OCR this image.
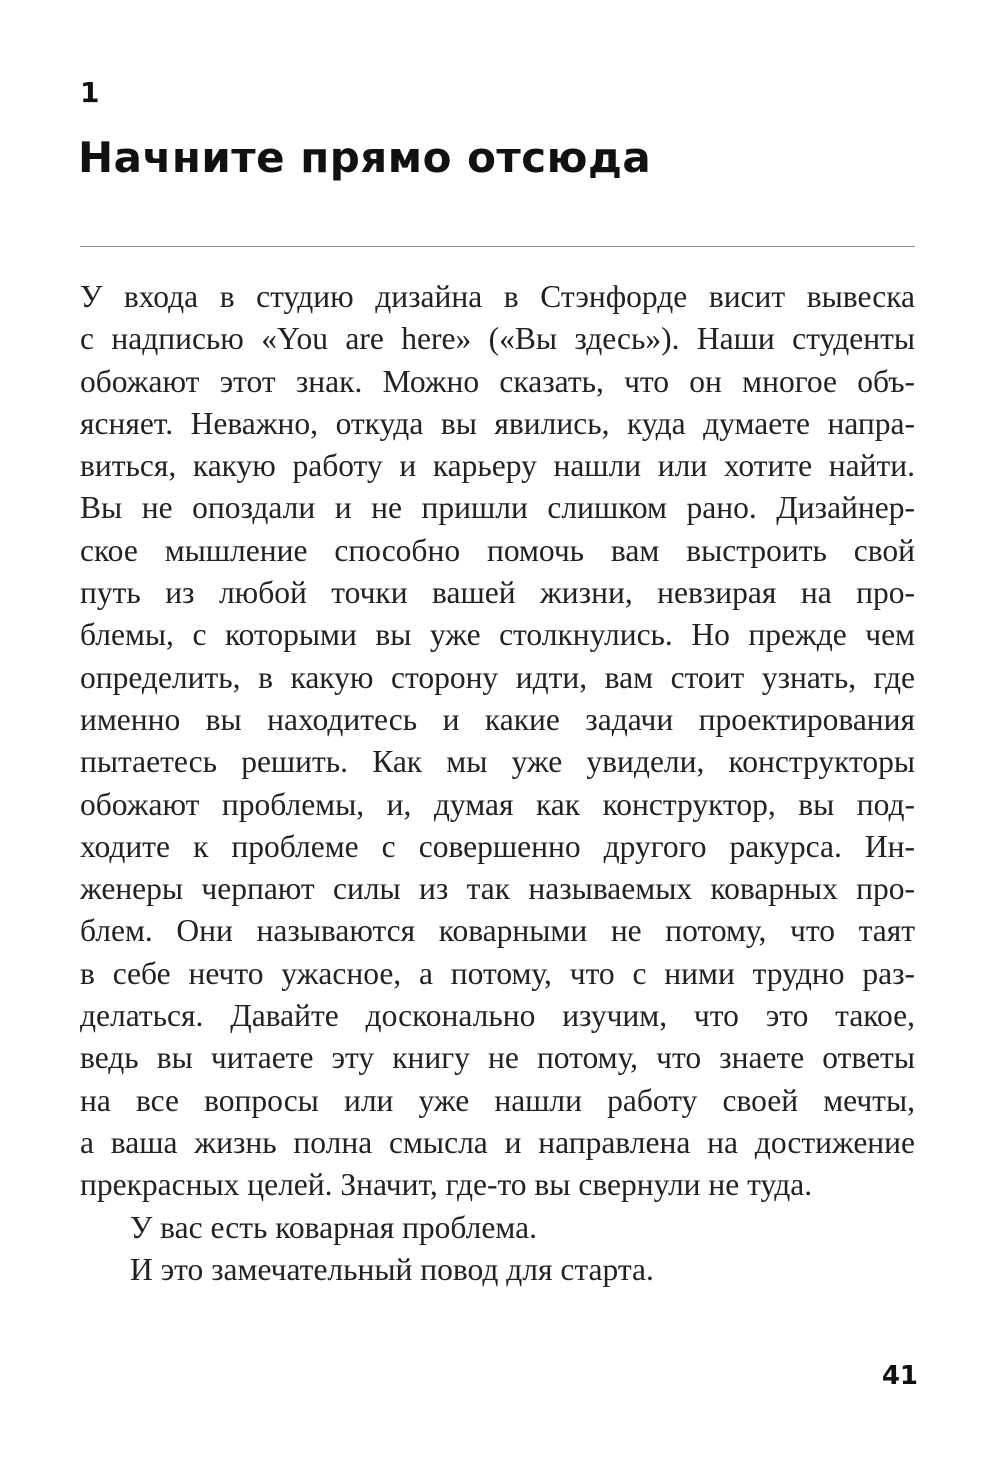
1
Начните прямо отсюда
У входа в студию дизайна в Стэнфорде висит вывеска
с надписью «You are here» («Вы здесь»). Наши студенты
обожают этот знак. Можно сказать, что он многое объ-
ясняет. Неважно, откуда вы явились, куда думаете напра-
виться, какую работу и карьеру нашли или хотите найти.
Вы не опоздали и не пришли слишком рано. Дизайнер-
ское мышление способно помочь вам выстроить свой
путь из любой точки вашей жизни, невзирая на про-
блемы, с которыми вы уже столкнулись. Но прежде чем
определить, в какую сторону идти, вам стоит узнать, где
именно вы находитесь и какие задачи проектирования
пытаетесь решить. Как мы уже увидели, конструкторы
обожают проблемы, и, думая как конструктор, вы под-
ходите к проблеме с совершенно другого ракурса. Ин-
женеры черпают силы из так называемых коварных про-
блем. Они называются коварными не потому, что таят
в себе нечто ужасное, а потому, что с ними трудно раз-
делаться. Давайте досконально изучим, что это такое,
ведь вы читаете эту книгу не потому, что знаете ответы
на все вопросы или уже нашли работу своей мечты,
а ваша жизнь полна смысла и направлена на достижение
прекрасных целей. Значит, где-то вы свернули не туда.

У вас есть коварная проблема.

И это замечательный повод для старта.

41
